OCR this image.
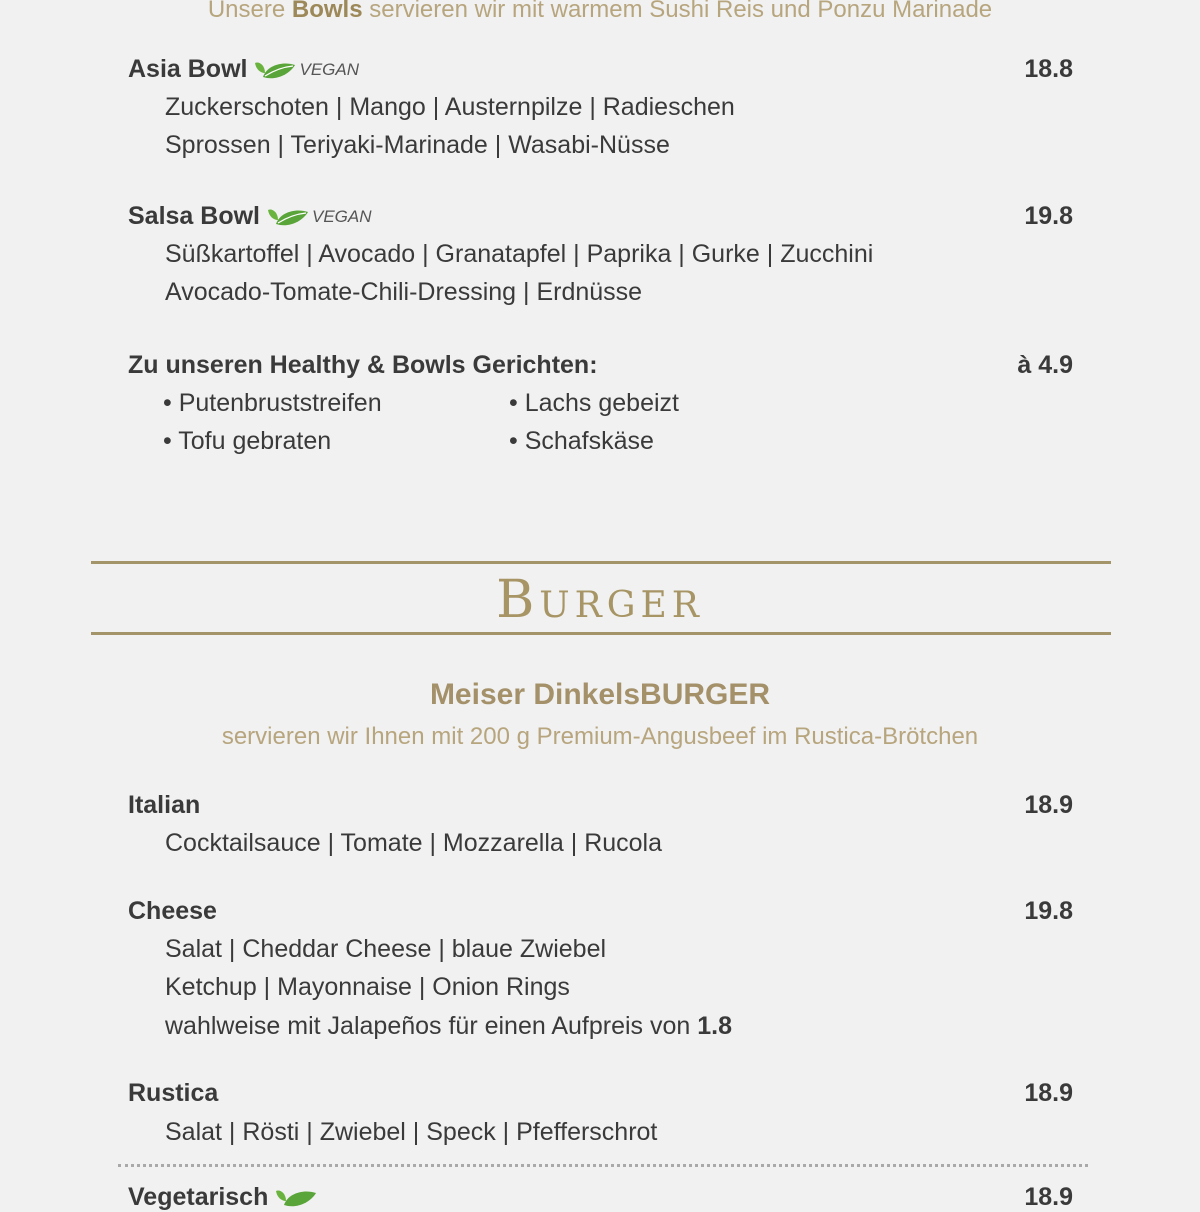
Unsere Bowls servieren wir mit warmem Sushi Reis und Ponzu Marinade
Asia Bowl	VEGAN	18.8
Zuckerschoten | Mango | Austernpilze | Radieschen
Sprossen | Teriyaki-Marinade | Wasabi-Nüsse
Salsa Bowl	VEGAN	19.8
Süßkartoffel | Avocado | Granatapfel | Paprika | Gurke | Zucchini
Avocado-Tomate-Chili-Dressing | Erdnüsse
Zu unseren Healthy & Bowls Gerichten:	à 4.9
• Putenbruststreifen	• Lachs gebeizt
• Tofu gebraten	• Schafskäse
Burger
Meiser DinkelsBURGER
servieren wir Ihnen mit 200 g Premium-Angusbeef im Rustica-Brötchen
Italian	18.9
Cocktailsauce | Tomate | Mozzarella | Rucola
Cheese	19.8
Salat | Cheddar Cheese | blaue Zwiebel
Ketchup | Mayonnaise | Onion Rings
wahlweise mit Jalapeños für einen Aufpreis von 1.8
Rustica	18.9
Salat | Rösti | Zwiebel | Speck | Pfefferschrot
Vegetarisch	18.9
